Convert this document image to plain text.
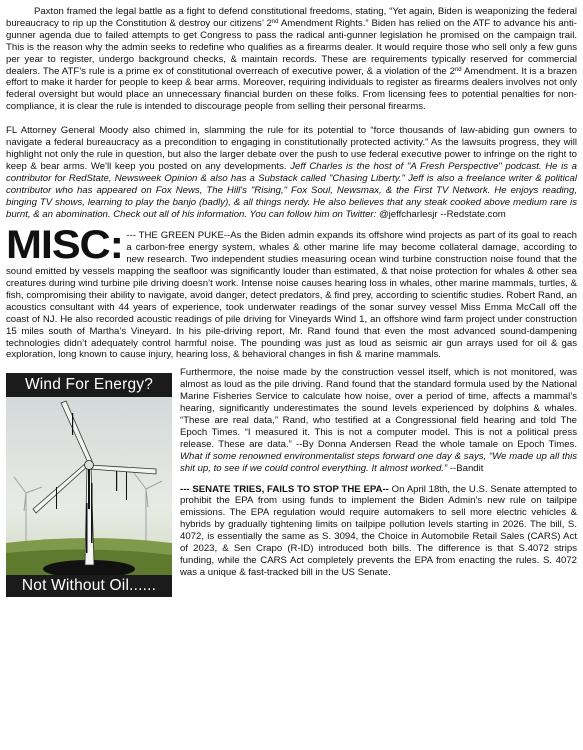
Paxton framed the legal battle as a fight to defend constitutional freedoms, stating, “Yet again, Biden is weaponizing the federal bureaucracy to rip up the Constitution & destroy our citizens’ 2nd Amendment Rights.” Biden has relied on the ATF to advance his anti-gunner agenda due to failed attempts to get Congress to pass the radical anti-gunner legislation he promised on the campaign trail. This is the reason why the admin seeks to redefine who qualifies as a firearms dealer. It would require those who sell only a few guns per year to register, undergo background checks, & maintain records. These are requirements typically reserved for commercial dealers. The ATF’s rule is a prime ex of constitutional overreach of executive power, & a violation of the 2nd Amendment. It is a brazen effort to make it harder for people to keep & bear arms. Moreover, requiring individuals to register as firearms dealers involves not only federal oversight but would place an unnecessary financial burden on these folks. From licensing fees to potential penalties for non-compliance, it is clear the rule is intended to discourage people from selling their personal firearms.

FL Attorney General Moody also chimed in, slamming the rule for its potential to “force thousands of law-abiding gun owners to navigate a federal bureaucracy as a precondition to engaging in constitutionally protected activity.” As the lawsuits progress, they will highlight not only the rule in question, but also the larger debate over the push to use federal executive power to infringe on the right to keep & bear arms. We'll keep you posted on any developments. Jeff Charles is the host of "A Fresh Perspective" podcast. He is a contributor for RedState, Newsweek Opinion & also has a Substack called "Chasing Liberty." Jeff is also a freelance writer & political contributor who has appeared on Fox News, The Hill's "Rising," Fox Soul, Newsmax, & the First TV Network. He enjoys reading, binging TV shows, learning to play the banjo (badly), & all things nerdy. He also believes that any steak cooked above medium rare is burnt, & an abomination. Check out all of his information. You can follow him on Twitter: @jeffcharlesjr --Redstate.com

MISC: --- THE GREEN PUKE--As the Biden admin expands its offshore wind projects as part of its goal to reach a carbon-free energy system, whales & other marine life may become collateral damage, according to new research. Two independent studies measuring ocean wind turbine construction noise found that the sound emitted by vessels mapping the seafloor was significantly louder than estimated, & that noise protection for whales & other sea creatures during wind turbine pile driving doesn’t work. Intense noise causes hearing loss in whales, other marine mammals, turtles, & fish, compromising their ability to navigate, avoid danger, detect predators, & find prey, according to scientific studies. Robert Rand, an acoustics consultant with 44 years of experience, took underwater readings of the sonar survey vessel Miss Emma McCall off the coast of NJ. He also recorded acoustic readings of pile driving for Vineyards Wind 1, an offshore wind farm project under construction 15 miles south of Martha’s Vineyard. In his pile-driving report, Mr. Rand found that even the most advanced sound-dampening technologies didn’t adequately control harmful noise. The pounding was just as loud as seismic air gun arrays used for oil & gas exploration, long known to cause injury, hearing loss, & behavioral changes in fish & marine mammals.

Wind For Energy?
Not Without Oil......

Furthermore, the noise made by the construction vessel itself, which is not monitored, was almost as loud as the pile driving. Rand found that the standard formula used by the National Marine Fisheries Service to calculate how noise, over a period of time, affects a mammal’s hearing, significantly underestimates the sound levels experienced by dolphins & whales. “These are real data,” Rand, who testified at a Congressional field hearing and told The Epoch Times. “I measured it. This is not a computer model. This is not a political press release. These are data.” --By Donna Andersen Read the whole tamale on Epoch Times. What if some renowned environmentalist steps forward one day & says, “We made up all this shit up, to see if we could control everything. It almost worked.” --Bandit

--- SENATE TRIES, FAILS TO STOP THE EPA-- On April 18th, the U.S. Senate attempted to prohibit the EPA from using funds to implement the Biden Admin’s new rule on tailpipe emissions. The EPA regulation would require automakers to sell more electric vehicles & hybrids by gradually tightening limits on tailpipe pollution levels starting in 2026. The bill, S. 4072, is essentially the same as S. 3094, the Choice in Automobile Retail Sales (CARS) Act of 2023, & Sen Crapo (R-ID) introduced both bills. The difference is that S.4072 strips funding, while the CARS Act completely prevents the EPA from enacting the rules. S. 4072 was a unique & fast-tracked bill in the US Senate.
